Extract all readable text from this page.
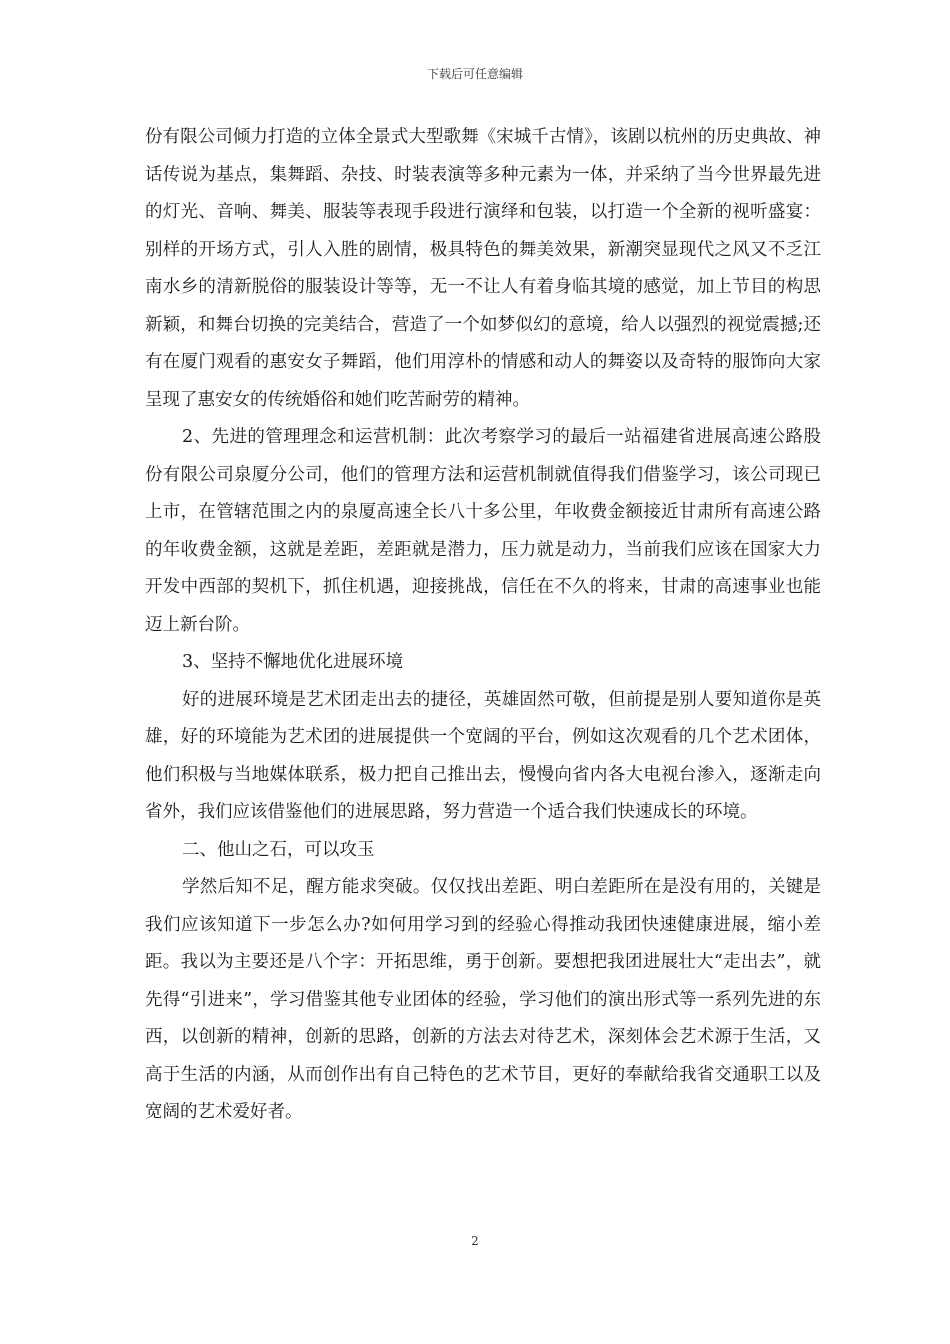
下载后可任意编辑

份有限公司倾力打造的立体全景式大型歌舞《宋城千古情》，该剧以杭州的历史典故、神话传说为基点，集舞蹈、杂技、时装表演等多种元素为一体，并采纳了当今世界最先进的灯光、音响、舞美、服装等表现手段进行演绎和包装，以打造一个全新的视听盛宴：别样的开场方式，引人入胜的剧情，极具特色的舞美效果，新潮突显现代之风又不乏江南水乡的清新脱俗的服装设计等等，无一不让人有着身临其境的感觉，加上节目的构思新颖，和舞台切换的完美结合，营造了一个如梦似幻的意境，给人以强烈的视觉震撼;还有在厦门观看的惠安女子舞蹈，他们用淳朴的情感和动人的舞姿以及奇特的服饰向大家呈现了惠安女的传统婚俗和她们吃苦耐劳的精神。

2、先进的管理理念和运营机制：此次考察学习的最后一站福建省进展高速公路股份有限公司泉厦分公司，他们的管理方法和运营机制就值得我们借鉴学习，该公司现已上市，在管辖范围之内的泉厦高速全长八十多公里，年收费金额接近甘肃所有高速公路的年收费金额，这就是差距，差距就是潜力，压力就是动力，当前我们应该在国家大力开发中西部的契机下，抓住机遇，迎接挑战，信任在不久的将来，甘肃的高速事业也能迈上新台阶。

3、坚持不懈地优化进展环境

好的进展环境是艺术团走出去的捷径，英雄固然可敬，但前提是别人要知道你是英雄，好的环境能为艺术团的进展提供一个宽阔的平台，例如这次观看的几个艺术团体，他们积极与当地媒体联系，极力把自己推出去，慢慢向省内各大电视台渗入，逐渐走向省外，我们应该借鉴他们的进展思路，努力营造一个适合我们快速成长的环境。

二、他山之石，可以攻玉

学然后知不足，醒方能求突破。仅仅找出差距、明白差距所在是没有用的，关键是我们应该知道下一步怎么办?如何用学习到的经验心得推动我团快速健康进展，缩小差距。我以为主要还是八个字：开拓思维，勇于创新。要想把我团进展壮大“走出去”，就先得“引进来”，学习借鉴其他专业团体的经验，学习他们的演出形式等一系列先进的东西，以创新的精神，创新的思路，创新的方法去对待艺术，深刻体会艺术源于生活，又高于生活的内涵，从而创作出有自己特色的艺术节目，更好的奉献给我省交通职工以及宽阔的艺术爱好者。

2
